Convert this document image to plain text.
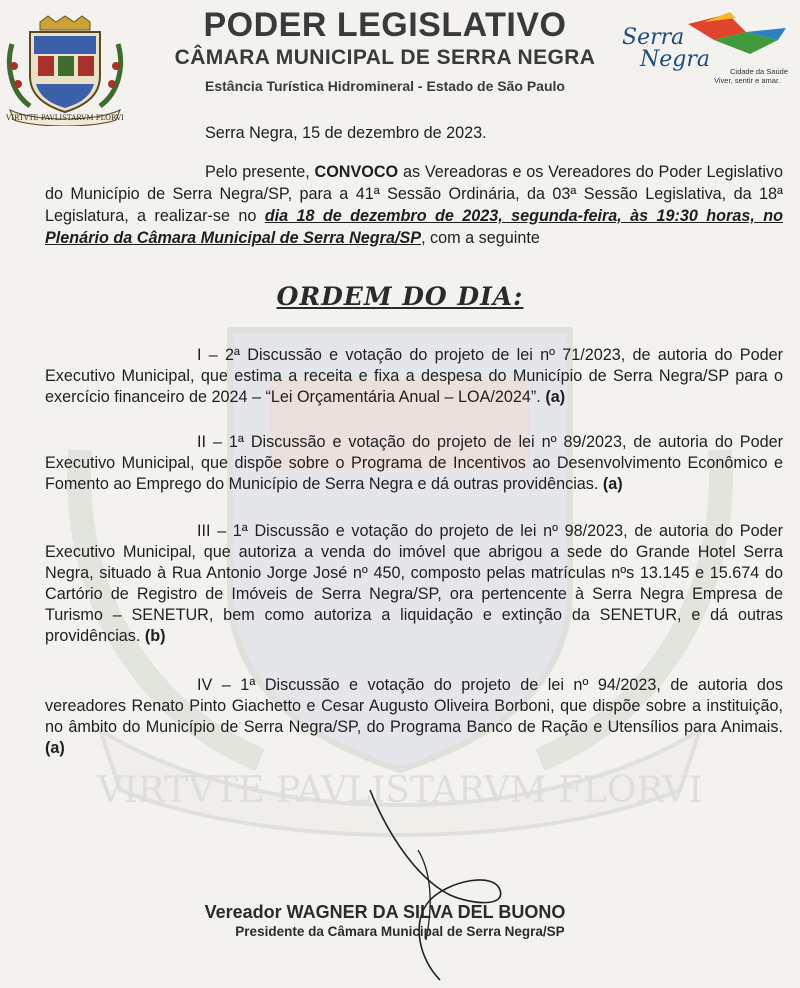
VIRTVTE PAVLISTARVM FLORVI
PODER LEGISLATIVO
CÂMARA MUNICIPAL DE SERRA NEGRA
Estância Turística Hidromineral - Estado de São Paulo
Serra
Negra	Cidade da Saúde
Viver, sentir e amar.
VIRTVTE PAVLISTARVM FLORVI
Serra Negra, 15 de dezembro de 2023.
Pelo presente, CONVOCO as Vereadoras e os Vereadores do Poder Legislativo do Município de Serra Negra/SP, para a 41ª Sessão Ordinária, da 03ª Sessão Legislativa, da 18ª Legislatura, a realizar-se no dia 18 de dezembro de 2023, segunda-feira, às 19:30 horas, no Plenário da Câmara Municipal de Serra Negra/SP, com a seguinte
ORDEM DO DIA:
I – 2ª Discussão e votação do projeto de lei nº 71/2023, de autoria do Poder Executivo Municipal, que estima a receita e fixa a despesa do Município de Serra Negra/SP para o exercício financeiro de 2024 – “Lei Orçamentária Anual – LOA/2024”. (a)
II – 1ª Discussão e votação do projeto de lei nº 89/2023, de autoria do Poder Executivo Municipal, que dispõe sobre o Programa de Incentivos ao Desenvolvimento Econômico e Fomento ao Emprego do Município de Serra Negra e dá outras providências. (a)
III – 1ª Discussão e votação do projeto de lei nº 98/2023, de autoria do Poder Executivo Municipal, que autoriza a venda do imóvel que abrigou a sede do Grande Hotel Serra Negra, situado à Rua Antonio Jorge José nº 450, composto pelas matrículas nºs 13.145 e 15.674 do Cartório de Registro de Imóveis de Serra Negra/SP, ora pertencente à Serra Negra Empresa de Turismo – SENETUR, bem como autoriza a liquidação e extinção da SENETUR, e dá outras providências. (b)
IV – 1ª Discussão e votação do projeto de lei nº 94/2023, de autoria dos vereadores Renato Pinto Giachetto e Cesar Augusto Oliveira Borboni, que dispõe sobre a instituição, no âmbito do Município de Serra Negra/SP, do Programa Banco de Ração e Utensílios para Animais. (a)
Vereador WAGNER DA SILVA DEL BUONO
Presidente da Câmara Municipal de Serra Negra/SP
